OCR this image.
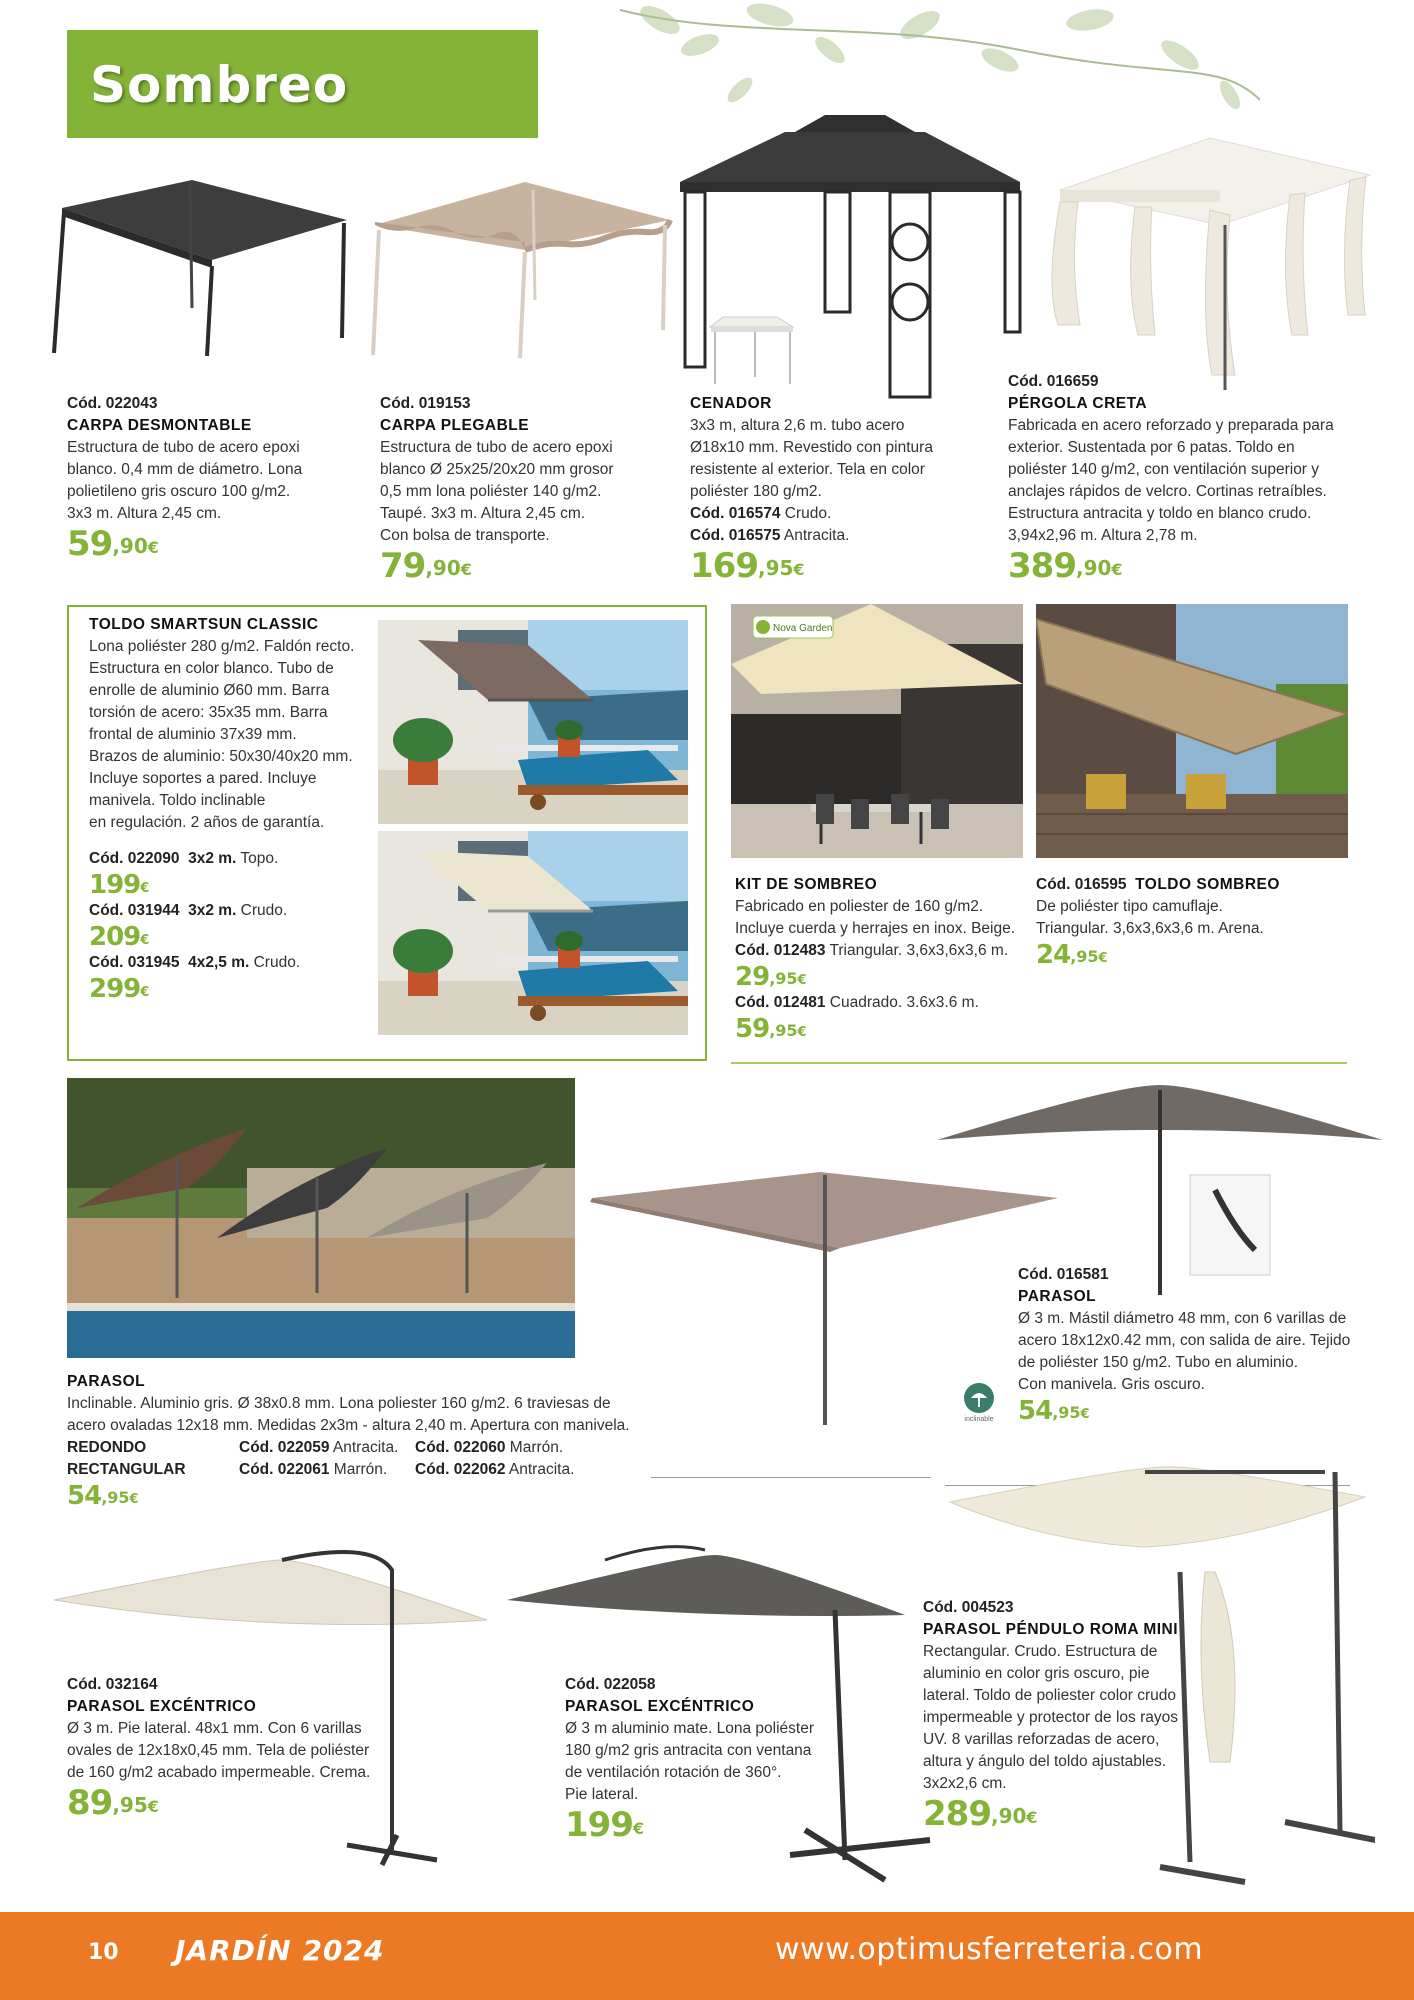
Sombreo
Cód. 022043
CARPA DESMONTABLE
Estructura de tubo de acero epoxi
blanco. 0,4 mm de diámetro. Lona
polietileno gris oscuro 100 g/m2.
3x3 m. Altura 2,45 cm.
$59^{,90€}$
Cód. 019153
CARPA PLEGABLE
Estructura de tubo de acero epoxi
blanco Ø 25x25/20x20 mm grosor
0,5 mm lona poliéster 140 g/m2.
Taupé. 3x3 m. Altura 2,45 cm.
Con bolsa de transporte.
$79^{,90€}$
CENADOR
3x3 m, altura 2,6 m. tubo acero
Ø18x10 mm. Revestido con pintura
resistente al exterior. Tela en color
poliéster 180 g/m2.
Cód. 016574 Crudo.
Cód. 016575 Antracita.
$169^{,95€}$
Cód. 016659
PÉRGOLA CRETA
Fabricada en acero reforzado y preparada para
exterior. Sustentada por 6 patas. Toldo en
poliéster 140 g/m2, con ventilación superior y
anclajes rápidos de velcro. Cortinas retraíbles.
Estructura antracita y toldo en blanco crudo.
3,94x2,96 m. Altura 2,78 m.
$389^{,90€}$
TOLDO SMARTSUN CLASSIC
Lona poliéster 280 g/m2. Faldón recto.
Estructura en color blanco. Tubo de
enrolle de aluminio Ø60 mm. Barra
torsión de acero: 35x35 mm. Barra
frontal de aluminio 37x39 mm.
Brazos de aluminio: 50x30/40x20 mm.
Incluye soportes a pared. Incluye
manivela. Toldo inclinable
en regulación. 2 años de garantía.
Cód. 022090 3x2 m. Topo.
199€
Cód. 031944 3x2 m. Crudo.
209€
Cód. 031945 4x2,5 m. Crudo.
299€
Nova Garden
KIT DE SOMBREO
Fabricado en poliester de 160 g/m2.
Incluye cuerda y herrajes en inox. Beige.
Cód. 012483 Triangular. 3,6x3,6x3,6 m.
$29^{,95€}$
Cód. 012481 Cuadrado. 3.6x3.6 m.
$59^{,95€}$
Cód. 016595 TOLDO SOMBREO
De poliéster tipo camuflaje.
Triangular. 3,6x3,6x3,6 m. Arena.
$24^{,95€}$
inclinable
Cód. 016581
PARASOL
Ø 3 m. Mástil diámetro 48 mm, con 6 varillas de
acero 18x12x0.42 mm, con salida de aire. Tejido
de poliéster 150 g/m2. Tubo en aluminio.
Con manivela. Gris oscuro.
$54^{,95€}$
PARASOL
Inclinable. Aluminio gris. Ø 38x0.8 mm. Lona poliester 160 g/m2. 6 traviesas de
acero ovaladas 12x18 mm. Medidas 2x3m - altura 2,40 m. Apertura con manivela.
REDONDO	Cód. 022059 Antracita. Cód. 022060 Marrón.
RECTANGULAR	Cód. 022061 Marrón. Cód. 022062 Antracita.
$54^{,95€}$
Cód. 032164
PARASOL EXCÉNTRICO
Ø 3 m. Pie lateral. 48x1 mm. Con 6 varillas
ovales de 12x18x0,45 mm. Tela de poliéster
de 160 g/m2 acabado impermeable. Crema.
$89^{,95€}$
Cód. 022058
PARASOL EXCÉNTRICO
Ø 3 m aluminio mate. Lona poliéster
180 g/m2 gris antracita con ventana
de ventilación rotación de 360°.
Pie lateral.
199€
Cód. 004523
PARASOL PÉNDULO ROMA MINI
Rectangular. Crudo. Estructura de
aluminio en color gris oscuro, pie
lateral. Toldo de poliester color crudo
impermeable y protector de los rayos
UV. 8 varillas reforzadas de acero,
altura y ángulo del toldo ajustables.
3x2x2,6 cm.
$289^{,90€}$
10 JARDÍN 2024	www.optimusferreteria.com
